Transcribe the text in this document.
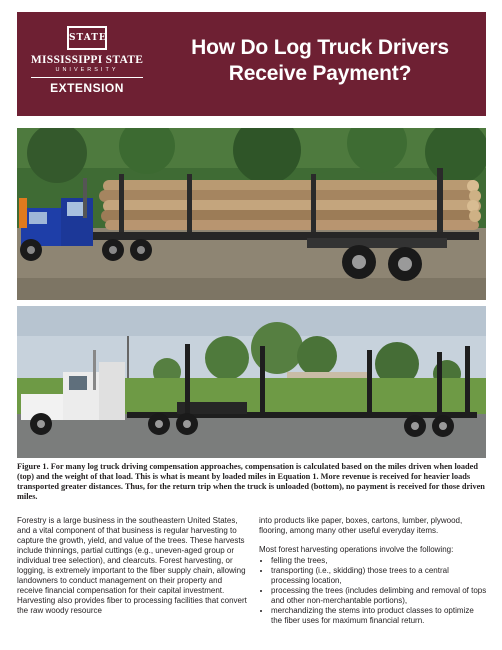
STATE
MISSISSIPPI STATE
UNIVERSITY
EXTENSION
How Do Log Truck Drivers Receive Payment?
Figure 1. For many log truck driving compensation approaches, compensation is calculated based on the miles driven when loaded (top) and the weight of that load. This is what is meant by loaded miles in Equation 1. More revenue is received for heavier loads transported greater distances. Thus, for the return trip when the truck is unloaded (bottom), no payment is received for those driven miles.

Forestry is a large business in the southeastern United States, and a vital component of that business is regular harvesting to capture the growth, yield, and value of the trees. These harvests include thinnings, partial cuttings (e.g., uneven-aged group or individual tree selection), and clearcuts. Forest harvesting, or logging, is extremely important to the fiber supply chain, allowing landowners to conduct management on their property and receive financial compensation for their capital investment. Harvesting also provides fiber to processing facilities that convert the raw woody resource

into products like paper, boxes, cartons, lumber, plywood, flooring, among many other useful everyday items.

Most forest harvesting operations involve the following:

• felling the trees,
• transporting (i.e., skidding) those trees to a central processing location,
• processing the trees (includes delimbing and removal of tops and other non-merchantable portions),
• merchandizing the stems into product classes to optimize the fiber uses for maximum financial return.
